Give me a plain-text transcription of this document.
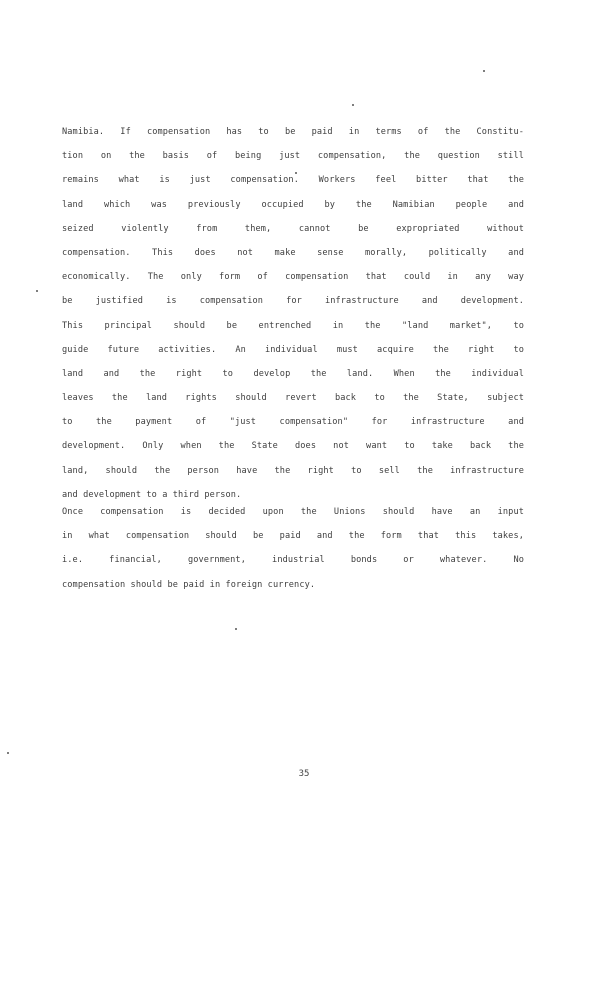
Namibia. If compensation has to be paid in terms of the Constitu-
tion on the basis of being just compensation, the question still
remains what is just compensation. Workers feel bitter that the
land which was previously occupied by the Namibian people and
seized violently from them, cannot be expropriated without
compensation. This does not make sense morally, politically and
economically. The only form of compensation that could in any way
be justified is compensation for infrastructure and development.
This principal should be entrenched in the "land market", to
guide future activities. An individual must acquire the right to
land and the right to develop the land. When the individual
leaves the land rights should revert back to the State, subject
to the payment of "just compensation" for infrastructure and
development. Only when the State does not want to take back the
land, should the person have the right to sell the infrastructure
and development to a third person.
Once compensation is decided upon the Unions should have an input
in what compensation should be paid and the form that this takes,
i.e. financial, government, industrial bonds or whatever. No
compensation should be paid in foreign currency.
35
